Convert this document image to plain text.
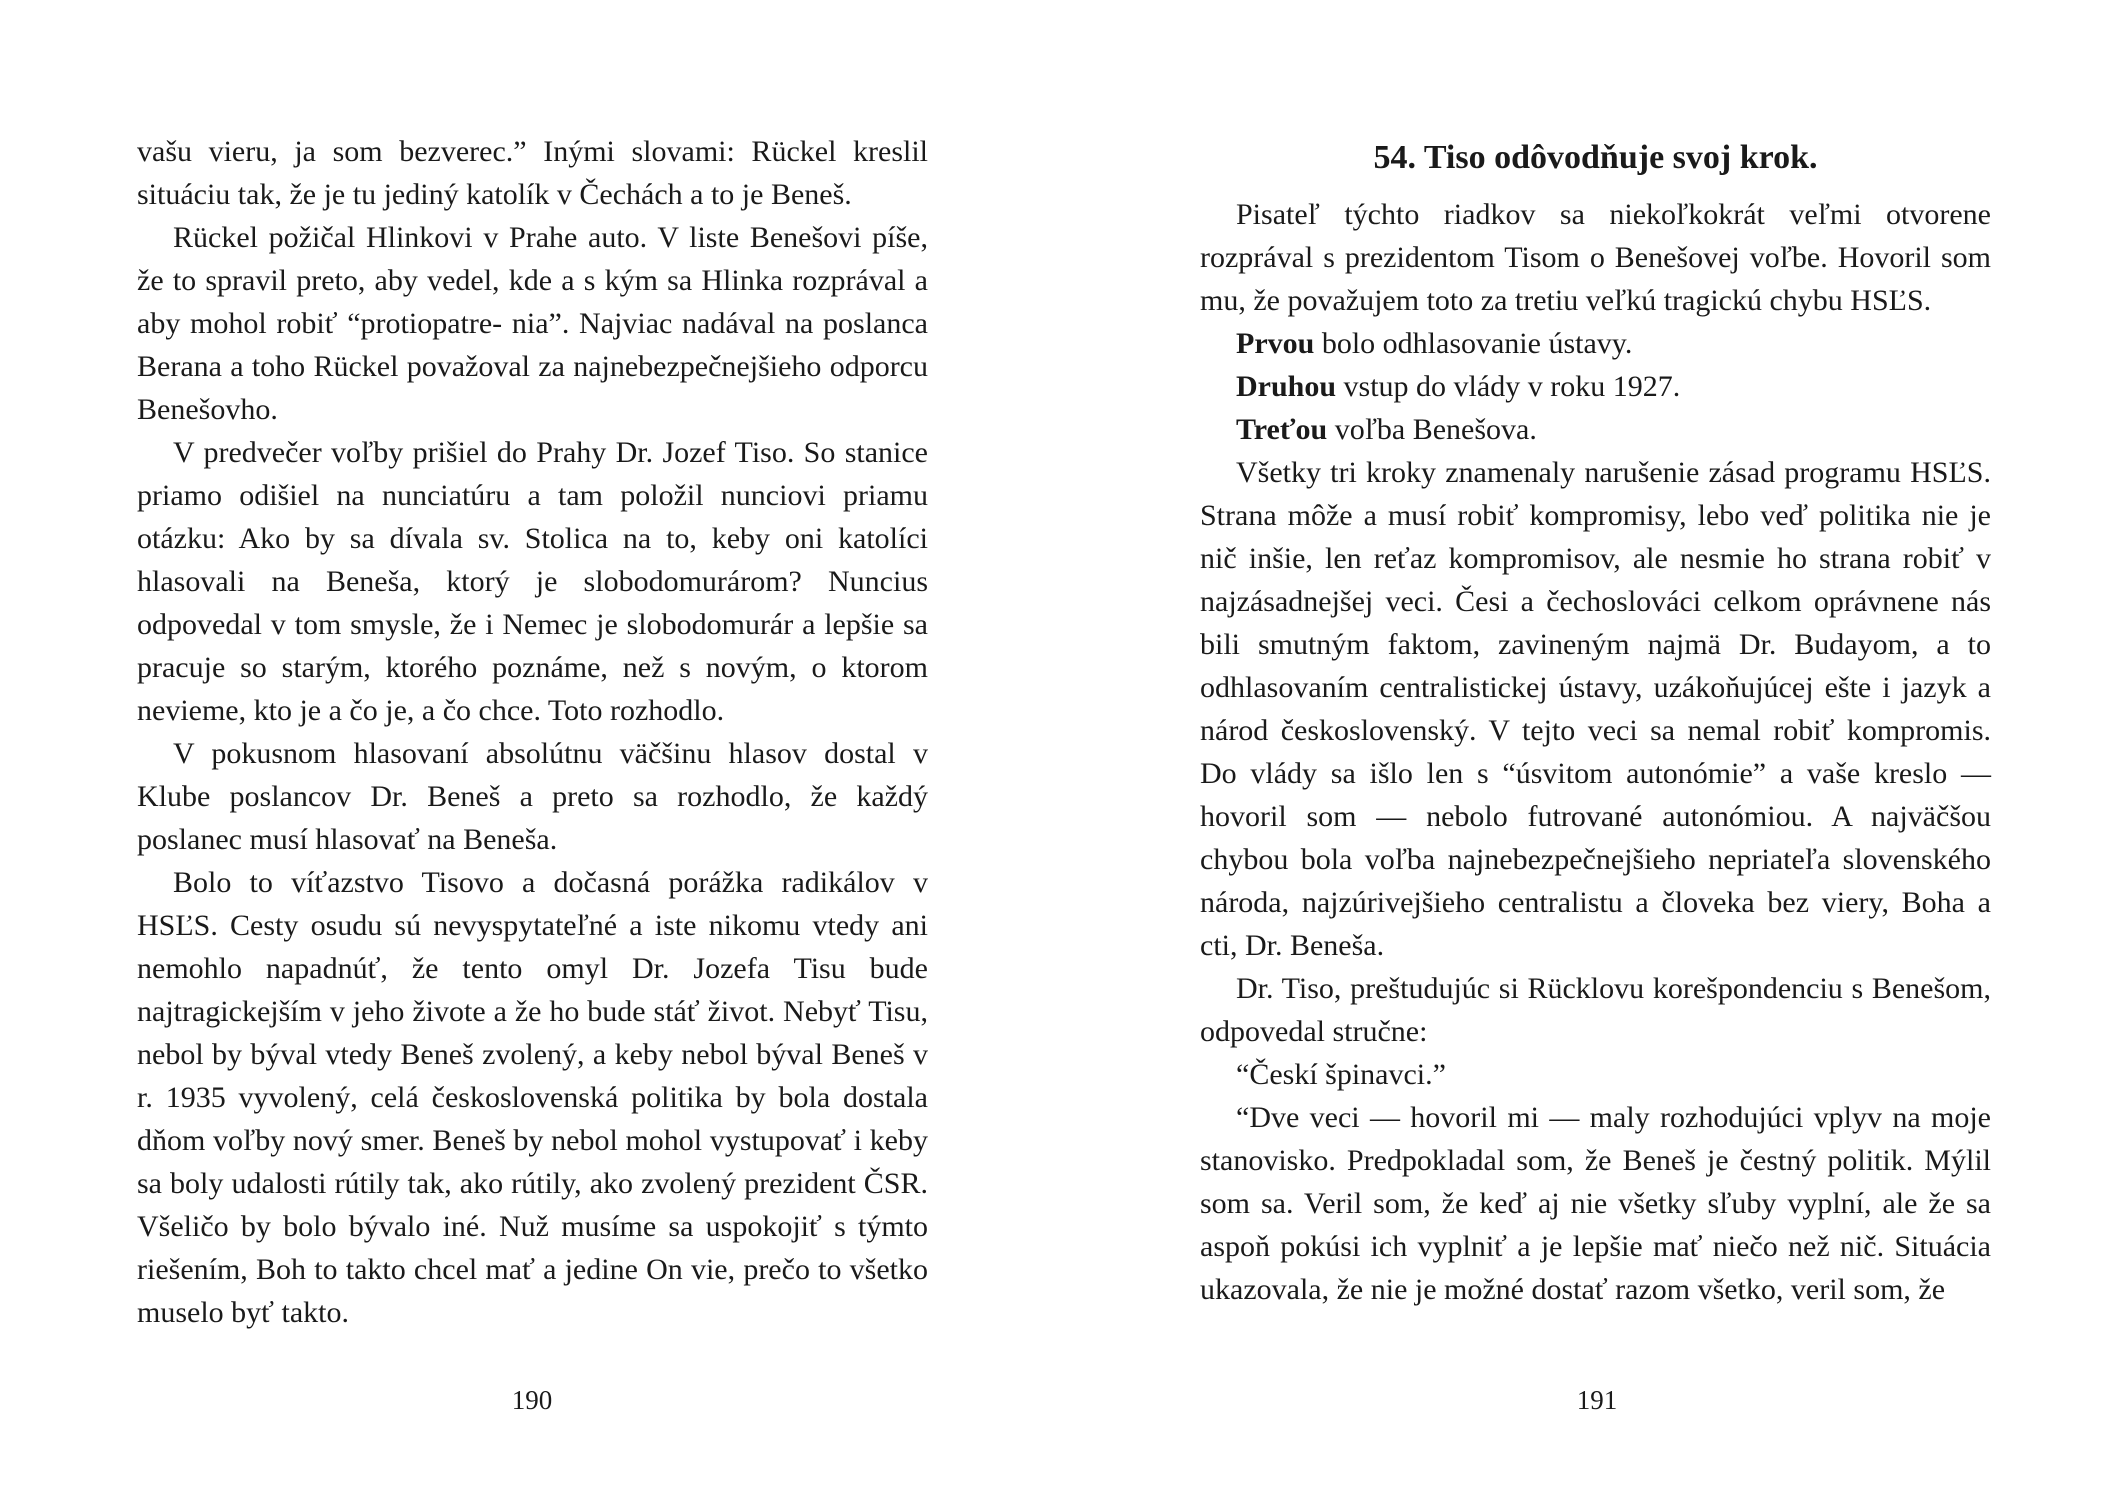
vašu vieru, ja som bezverec.” Inými slovami: Rückel kreslil situáciu tak, že je tu jediný katolík v Čechách a to je Beneš.

Rückel požičal Hlinkovi v Prahe auto. V liste Benešovi píše, že to spravil preto, aby vedel, kde a s kým sa Hlinka rozprával a aby mohol robiť “protiopatre- nia”. Najviac nadával na poslanca Berana a toho Rückel považoval za najnebezpečnejšieho odporcu Benešovho.

V predvečer voľby prišiel do Prahy Dr. Jozef Tiso. So stanice priamo odišiel na nunciatúru a tam položil nunciovi priamu otázku: Ako by sa dívala sv. Stolica na to, keby oni katolíci hlasovali na Beneša, ktorý je slobodomurárom? Nuncius odpovedal v tom smysle, že i Nemec je slobodomurár a lepšie sa pracuje so starým, ktorého poznáme, než s novým, o ktorom nevieme, kto je a čo je, a čo chce. Toto rozhodlo.

V pokusnom hlasovaní absolútnu väčšinu hlasov dostal v Klube poslancov Dr. Beneš a preto sa rozhodlo, že každý poslanec musí hlasovať na Beneša.

Bolo to víťazstvo Tisovo a dočasná porážka radikálov v HSĽS. Cesty osudu sú nevyspytateľné a iste nikomu vtedy ani nemohlo napadnúť, že tento omyl Dr. Jozefa Tisu bude najtragickejším v jeho živote a že ho bude stáť život. Nebyť Tisu, nebol by býval vtedy Beneš zvolený, a keby nebol býval Beneš v r. 1935 vyvolený, celá československá politika by bola dostala dňom voľby nový smer. Beneš by nebol mohol vystupovať i keby sa boly udalosti rútily tak, ako rútily, ako zvolený prezident ČSR. Všeličo by bolo bývalo iné. Nuž musíme sa uspokojiť s týmto riešením, Boh to takto chcel mať a jedine On vie, prečo to všetko muselo byť takto.

190
54. Tiso odôvodňuje svoj krok.

Pisateľ týchto riadkov sa niekoľkokrát veľmi otvorene rozprával s prezidentom Tisom o Benešovej voľbe. Hovoril som mu, že považujem toto za tretiu veľkú tragickú chybu HSĽS.

Prvou bolo odhlasovanie ústavy.

Druhou vstup do vlády v roku 1927.

Treťou voľba Benešova.

Všetky tri kroky znamenaly narušenie zásad programu HSĽS. Strana môže a musí robiť kompromisy, lebo veď politika nie je nič inšie, len reťaz kompromisov, ale nesmie ho strana robiť v najzásadnejšej veci. Česi a čechoslováci celkom oprávnene nás bili smutným faktom, zavineným najmä Dr. Budayom, a to odhlasovaním centralistickej ústavy, uzákoňujúcej ešte i jazyk a národ československý. V tejto veci sa nemal robiť kompromis. Do vlády sa išlo len s “úsvitom autonómie” a vaše kreslo — hovoril som — nebolo futrované autonómiou. A najväčšou chybou bola voľba najnebezpečnejšieho nepriateľa slovenského národa, najzúrivejšieho centralistu a človeka bez viery, Boha a cti, Dr. Beneša.

Dr. Tiso, preštudujúc si Rücklovu korešpondenciu s Benešom, odpovedal stručne:

“Českí špinavci.”

“Dve veci — hovoril mi — maly rozhodujúci vplyv na moje stanovisko. Predpokladal som, že Beneš je čestný politik. Mýlil som sa. Veril som, že keď aj nie všetky sľuby vyplní, ale že sa aspoň pokúsi ich vyplniť a je lepšie mať niečo než nič. Situácia ukazovala, že nie je možné dostať razom všetko, veril som, že

191
